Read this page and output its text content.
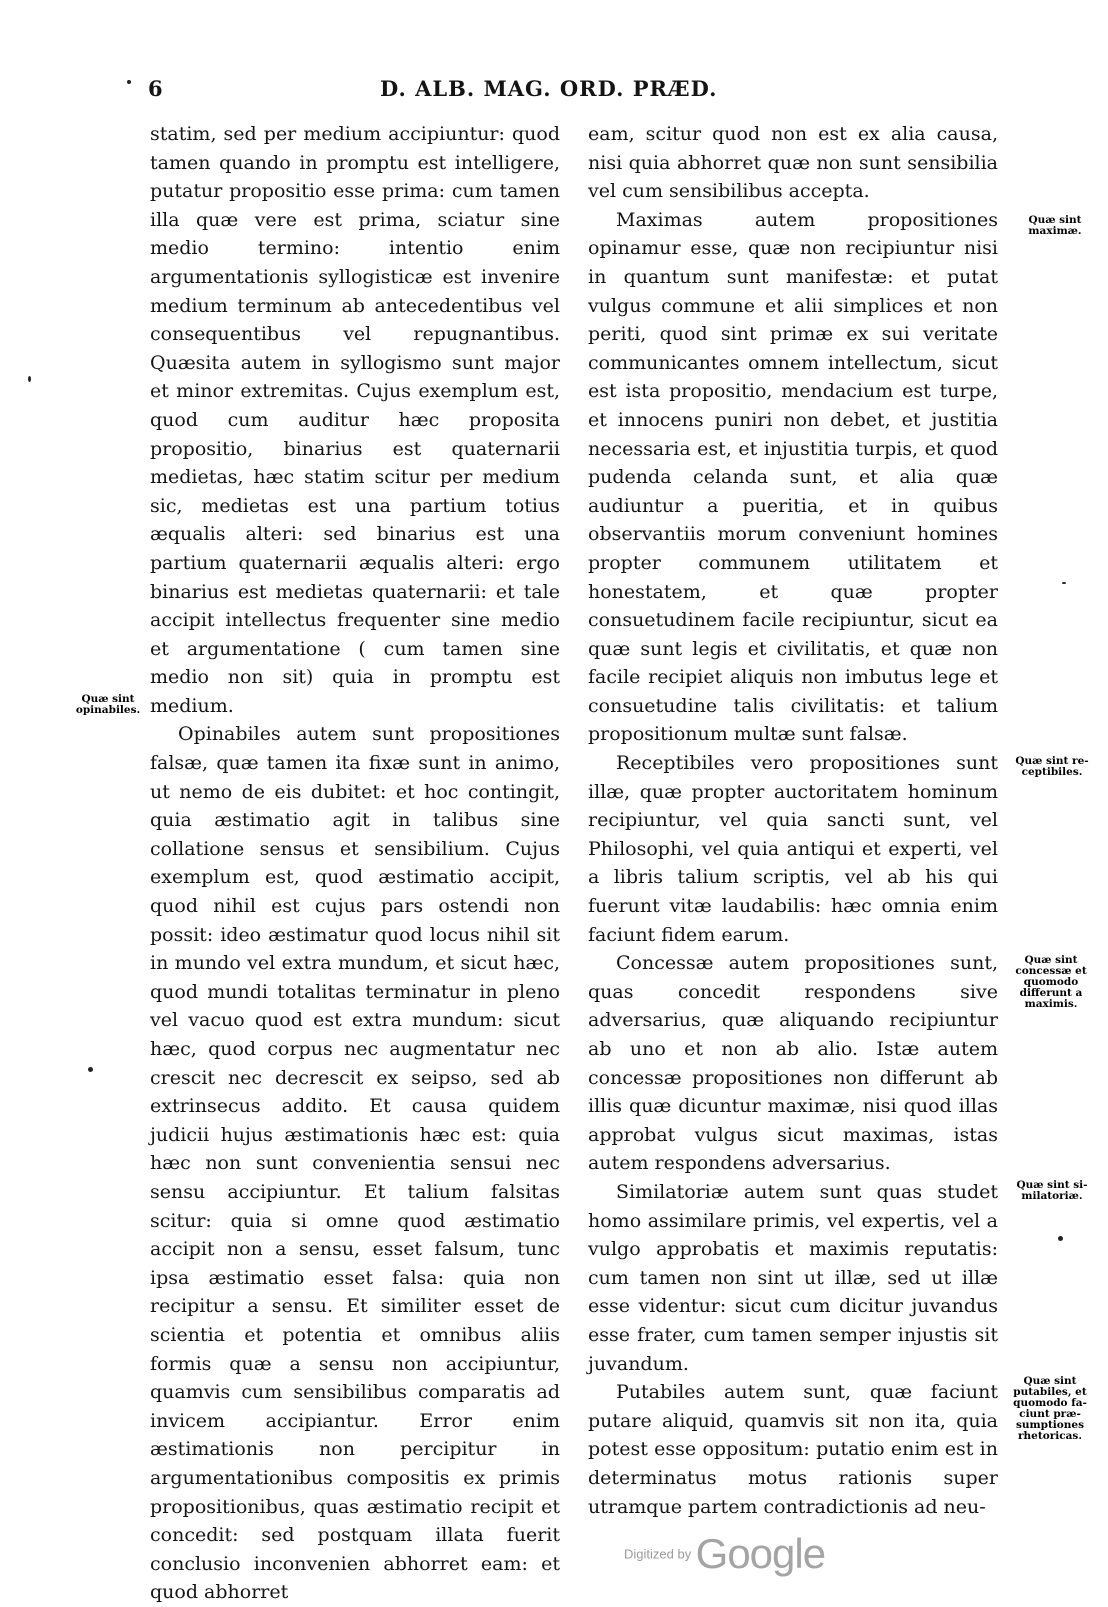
6	D. ALB. MAG. ORD. PRÆD.

statim, sed per medium accipiuntur: quod tamen quando in promptu est intelligere, putatur propositio esse prima: cum tamen illa quæ vere est prima, sciatur sine medio termino: intentio enim argumentationis syllogisticæ est invenire medium terminum ab antecedentibus vel consequentibus vel repugnantibus. Quæsita autem in syllogismo sunt major et minor extremitas. Cujus exemplum est, quod cum auditur hæc proposita propositio, binarius est quaternarii medietas, hæc statim scitur per medium sic, medietas est una partium totius æqualis alteri: sed binarius est una partium quaternarii æqualis alteri: ergo binarius est medietas quaternarii: et tale accipit intellectus frequenter sine medio et argumentatione ( cum tamen sine medio non sit) quia in promptu est medium.

Opinabiles autem sunt propositiones falsæ, quæ tamen ita fixæ sunt in animo, ut nemo de eis dubitet: et hoc contingit, quia æstimatio agit in talibus sine collatione sensus et sensibilium. Cujus exemplum est, quod æstimatio accipit, quod nihil est cujus pars ostendi non possit: ideo æstimatur quod locus nihil sit in mundo vel extra mundum, et sicut hæc, quod mundi totalitas terminatur in pleno vel vacuo quod est extra mundum: sicut hæc, quod corpus nec augmentatur nec crescit nec decrescit ex seipso, sed ab extrinsecus addito. Et causa quidem judicii hujus æstimationis hæc est: quia hæc non sunt convenientia sensui nec sensu accipiuntur. Et talium falsitas scitur: quia si omne quod æstimatio accipit non a sensu, esset falsum, tunc ipsa æstimatio esset falsa: quia non recipitur a sensu. Et similiter esset de scientia et potentia et omnibus aliis formis quæ a sensu non accipiuntur, quamvis cum sensibilibus comparatis ad invicem accipiantur. Error enim æstimationis non percipitur in argumentationibus compositis ex primis propositionibus, quas æstimatio recipit et concedit: sed postquam illata fuerit conclusio inconvenien abhorret eam: et quod abhorret

eam, scitur quod non est ex alia causa, nisi quia abhorret quæ non sunt sensibilia vel cum sensibilibus accepta.

Maximas autem propositiones opinamur esse, quæ non recipiuntur nisi in quantum sunt manifestæ: et putat vulgus commune et alii simplices et non periti, quod sint primæ ex sui veritate communicantes omnem intellectum, sicut est ista propositio, mendacium est turpe, et innocens puniri non debet, et justitia necessaria est, et injustitia turpis, et quod pudenda celanda sunt, et alia quæ audiuntur a pueritia, et in quibus observantiis morum conveniunt homines propter communem utilitatem et honestatem, et quæ propter consuetudinem facile recipiuntur, sicut ea quæ sunt legis et civilitatis, et quæ non facile recipiet aliquis non imbutus lege et consuetudine talis civilitatis: et talium propositionum multæ sunt falsæ.

Receptibiles vero propositiones sunt illæ, quæ propter auctoritatem hominum recipiuntur, vel quia sancti sunt, vel Philosophi, vel quia antiqui et experti, vel a libris talium scriptis, vel ab his qui fuerunt vitæ laudabilis: hæc omnia enim faciunt fidem earum.

Concessæ autem propositiones sunt, quas concedit respondens sive adversarius, quæ aliquando recipiuntur ab uno et non ab alio. Istæ autem concessæ propositiones non differunt ab illis quæ dicuntur maximæ, nisi quod illas approbat vulgus sicut maximas, istas autem respondens adversarius.

Similatoriæ autem sunt quas studet homo assimilare primis, vel expertis, vel a vulgo approbatis et maximis reputatis: cum tamen non sint ut illæ, sed ut illæ esse videntur: sicut cum dicitur juvandus esse frater, cum tamen semper injustis sit juvandum.

Putabiles autem sunt, quæ faciunt putare aliquid, quamvis sit non ita, quia potest esse oppositum: putatio enim est in determinatus motus rationis super utramque partem contradictionis ad neu-

Quæ sint
opinabiles.
Quæ sint
maximæ.
Quæ sint re-
ceptibiles.
Quæ sint
concessæ et
quomodo
differunt a
maximis.
Quæ sint si-
milatoriæ.
Quæ sint
putabiles, et
quomodo fa-
ciunt præ-
sumptiones
rhetoricas.
Digitized by Google
